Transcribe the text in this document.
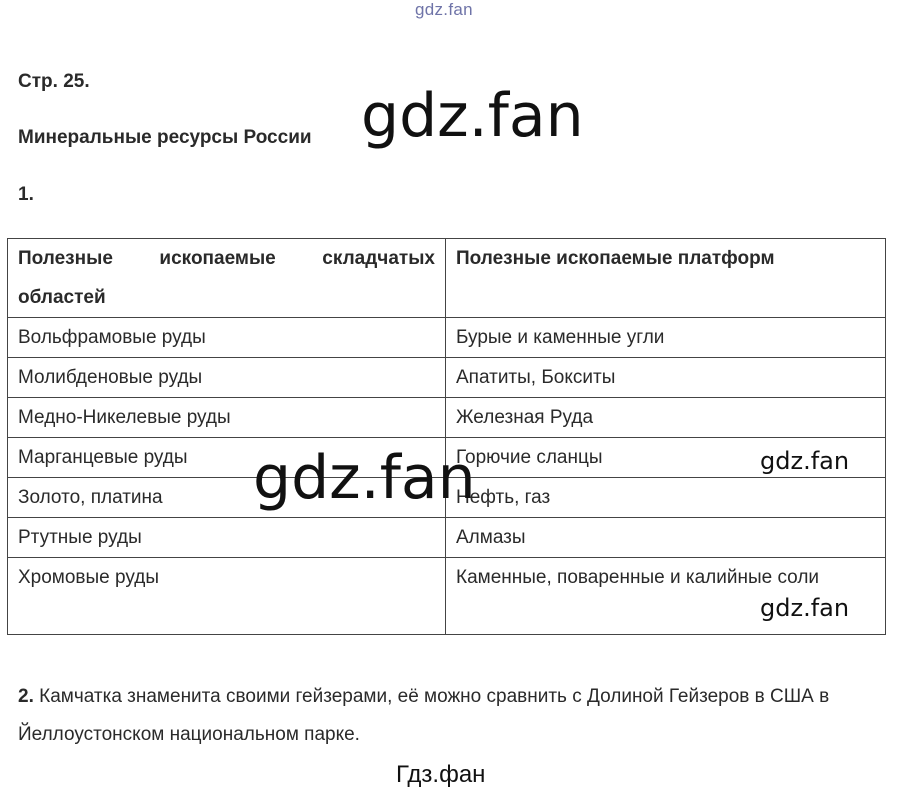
gdz.fan
Стр. 25.
Минеральные ресурсы России
1.
Полезные ископаемые складчатых областей	Полезные ископаемые платформ
Вольфрамовые руды	Бурые и каменные угли
Молибденовые руды	Апатиты, Бокситы
Медно-Никелевые руды	Железная Руда
Марганцевые руды	Горючие сланцы
Золото, платина	Нефть, газ
Ртутные руды	Алмазы
Хромовые руды	Каменные, поваренные и калийные соли
gdz.fan
gdz.fan	gdz.fan
gdz.fan
2. Камчатка знаменита своими гейзерами, её можно сравнить с Долиной Гейзеров в США в Йеллоустонском национальном парке.
Гдз.фан
